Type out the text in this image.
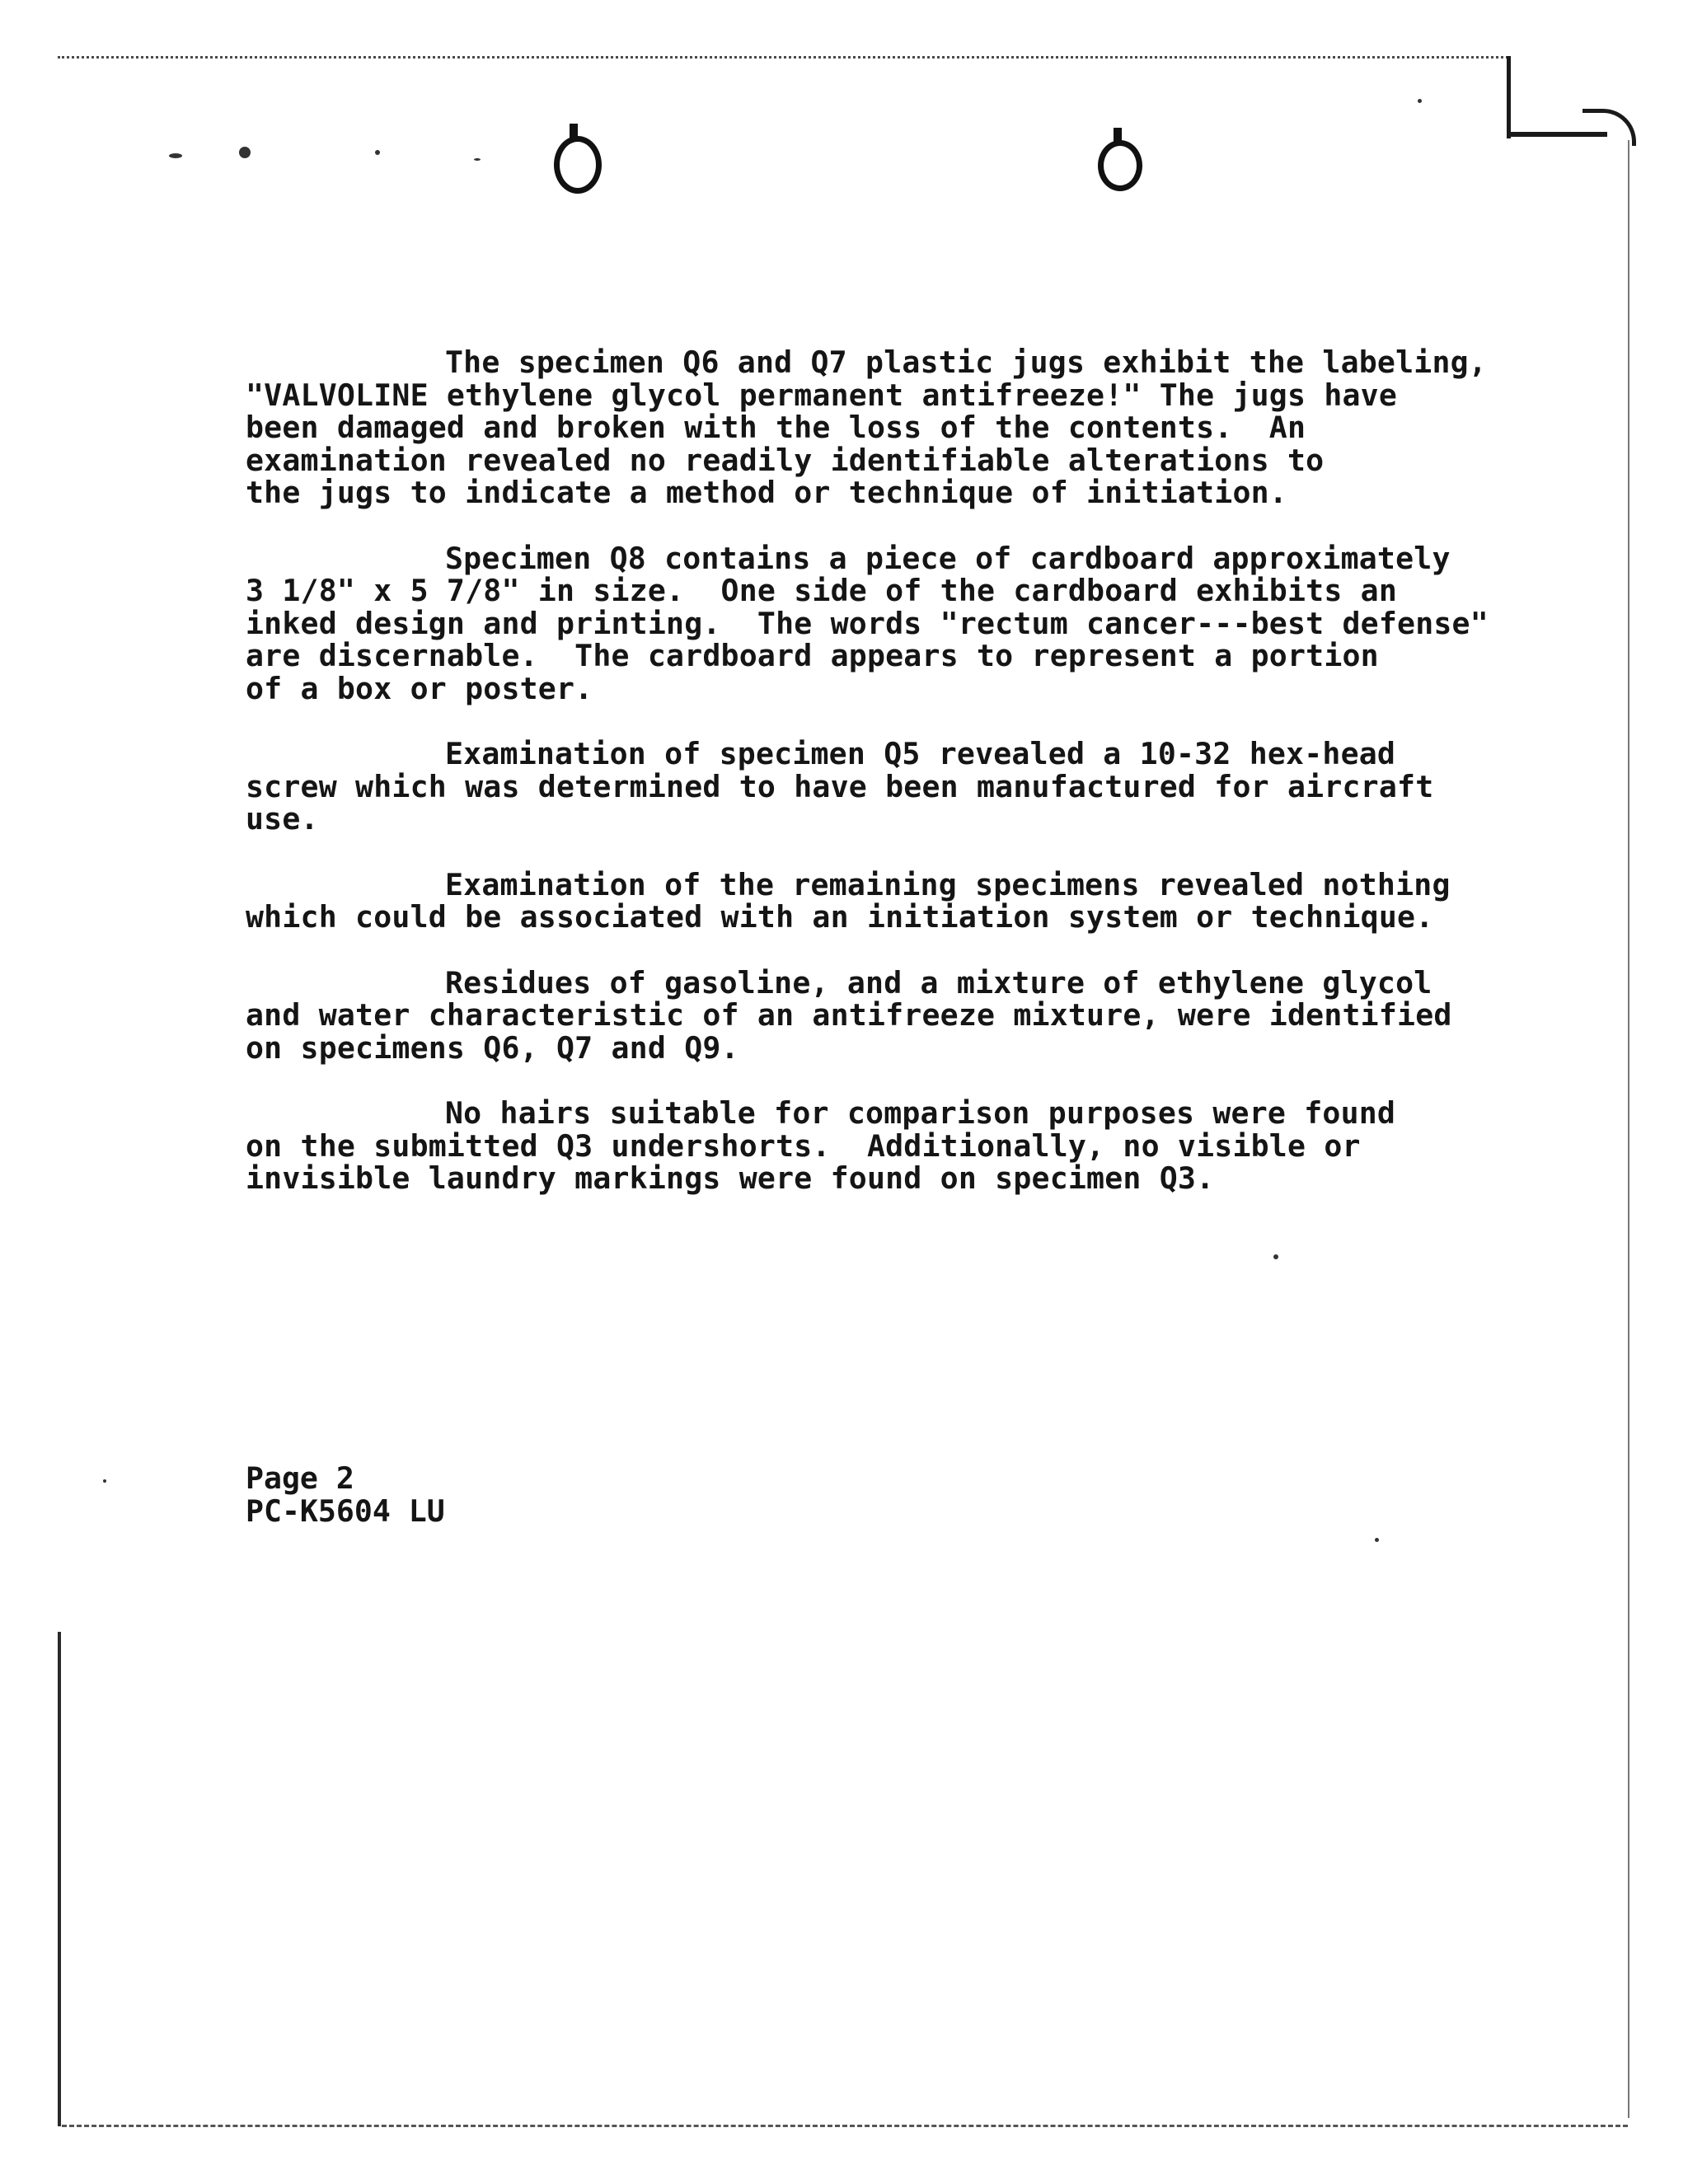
The specimen Q6 and Q7 plastic jugs exhibit the labeling,
"VALVOLINE ethylene glycol permanent antifreeze!" The jugs have
been damaged and broken with the loss of the contents.  An
examination revealed no readily identifiable alterations to
the jugs to indicate a method or technique of initiation.
Specimen Q8 contains a piece of cardboard approximately
3 1/8" x 5 7/8" in size.  One side of the cardboard exhibits an
inked design and printing.  The words "rectum cancer---best defense"
are discernable.  The cardboard appears to represent a portion
of a box or poster.
Examination of specimen Q5 revealed a 10-32 hex-head
screw which was determined to have been manufactured for aircraft
use.
Examination of the remaining specimens revealed nothing
which could be associated with an initiation system or technique.
Residues of gasoline, and a mixture of ethylene glycol
and water characteristic of an antifreeze mixture, were identified
on specimens Q6, Q7 and Q9.
No hairs suitable for comparison purposes were found
on the submitted Q3 undershorts.  Additionally, no visible or
invisible laundry markings were found on specimen Q3.
Page 2
PC-K5604 LU
